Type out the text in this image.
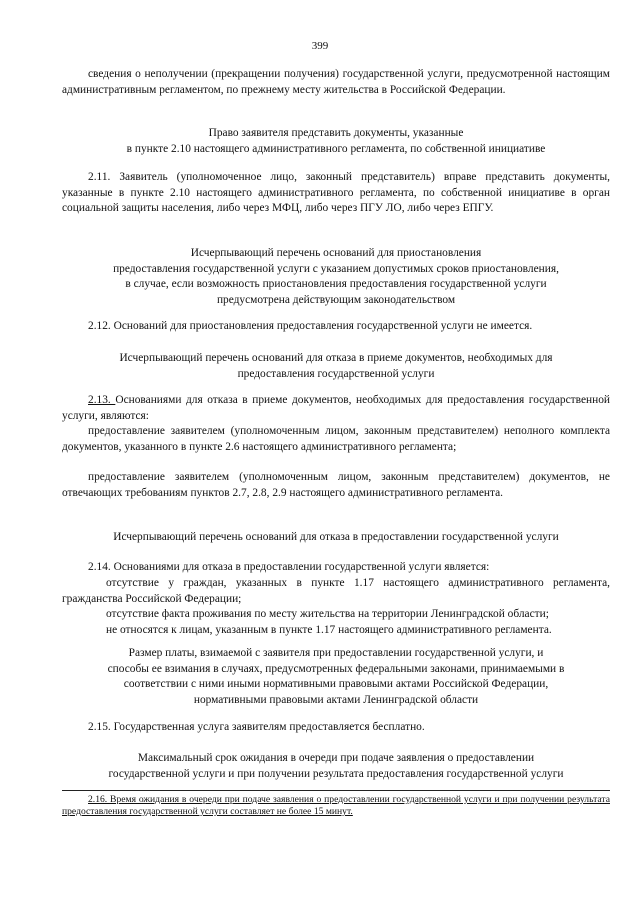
399
сведения о неполучении (прекращении получения) государственной услуги, предусмотренной настоящим административным регламентом, по прежнему месту жительства в Российской Федерации.
Право заявителя представить документы, указанные
в пункте 2.10 настоящего административного регламента, по собственной инициативе
2.11. Заявитель (уполномоченное лицо, законный представитель) вправе представить документы, указанные в пункте 2.10 настоящего административного регламента, по собственной инициативе в орган социальной защиты населения, либо через МФЦ, либо через ПГУ ЛО, либо через ЕПГУ.
Исчерпывающий перечень оснований для приостановления
предоставления государственной услуги с указанием допустимых сроков приостановления,
в случае, если возможность приостановления предоставления государственной услуги
предусмотрена действующим законодательством
2.12. Оснований для приостановления предоставления государственной услуги не имеется.
Исчерпывающий перечень оснований для отказа в приеме документов, необходимых для
предоставления государственной услуги
2.13. Основаниями для отказа в приеме документов, необходимых для предоставления государственной услуги, являются:
предоставление заявителем (уполномоченным лицом, законным представителем) неполного комплекта документов, указанного в пункте 2.6 настоящего административного регламента;
предоставление заявителем (уполномоченным лицом, законным представителем) документов, не отвечающих требованиям пунктов 2.7, 2.8, 2.9 настоящего административного регламента.
Исчерпывающий перечень оснований для отказа в предоставлении государственной услуги
2.14. Основаниями для отказа в предоставлении государственной услуги является:
отсутствие у граждан, указанных в пункте 1.17 настоящего административного регламента, гражданства Российской Федерации;
отсутствие факта проживания по месту жительства на территории Ленинградской области;
не относятся к лицам, указанным в пункте 1.17 настоящего административного регламента.
Размер платы, взимаемой с заявителя при предоставлении государственной услуги, и
способы ее взимания в случаях, предусмотренных федеральными законами, принимаемыми в
соответствии с ними иными нормативными правовыми актами Российской Федерации,
нормативными правовыми актами Ленинградской области
2.15. Государственная услуга заявителям предоставляется бесплатно.
Максимальный срок ожидания в очереди при подаче заявления о предоставлении
государственной услуги и при получении результата предоставления государственной услуги
2.16. Время ожидания в очереди при подаче заявления о предоставлении государственной услуги и при получении результата предоставления государственной услуги составляет не более 15 минут.
